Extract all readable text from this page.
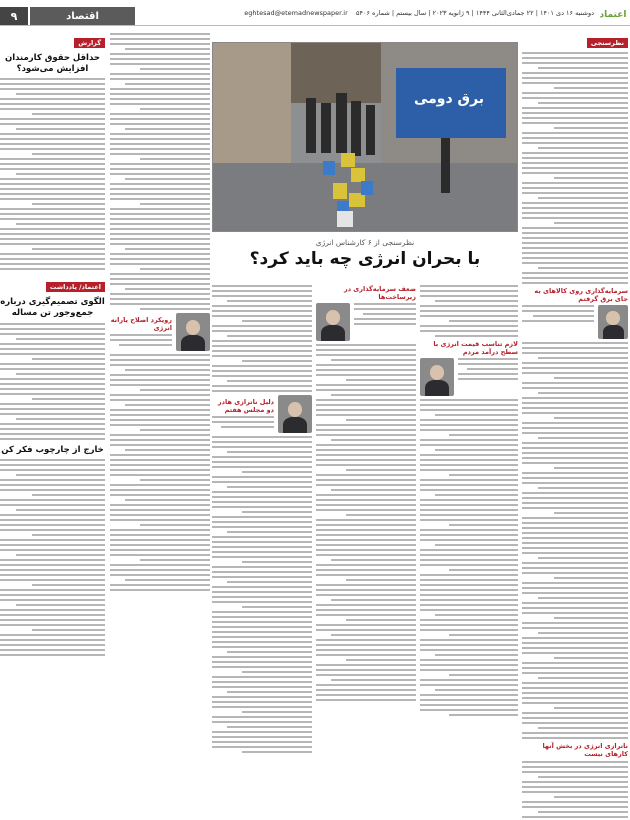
اعتماد
دوشنبه ۱۶ دی ۱۴۰۱ | ۲۲ جمادی‌الثانی ۱۴۴۴ | ۹ ژانویه ۲۰۲۳ | سال بیستم | شماره ۵۴۰۶    eghtesad@etemadnewspaper.ir
اقتصاد
۹
گزارش
حداقل حقوق کارمندان افزایش می‌شود؟
اعتماد/ یادداشت
الگوی تصمیم‌گیری درباره جمع‌وجور تن مساله
خارج از چارچوب فکر کن
رویکرد اصلاح یارانه انرژی
برق دومی
نظرسنجی از ۶ کارشناس انرژی
با بحران انرژی چه باید کرد؟
دلیل ناترازی هادر دو مجلس هفتم
ضعف سرمایه‌گذاری در زیرساخت‌ها
لازم تناسب قیمت انرژی با سطح درآمد مردم
نظرسنجی
سرمایه‌گذاری روی کالاهای به جای برق گرفتم
ناترازی انرژی در بخش آنها کارهای نیست
